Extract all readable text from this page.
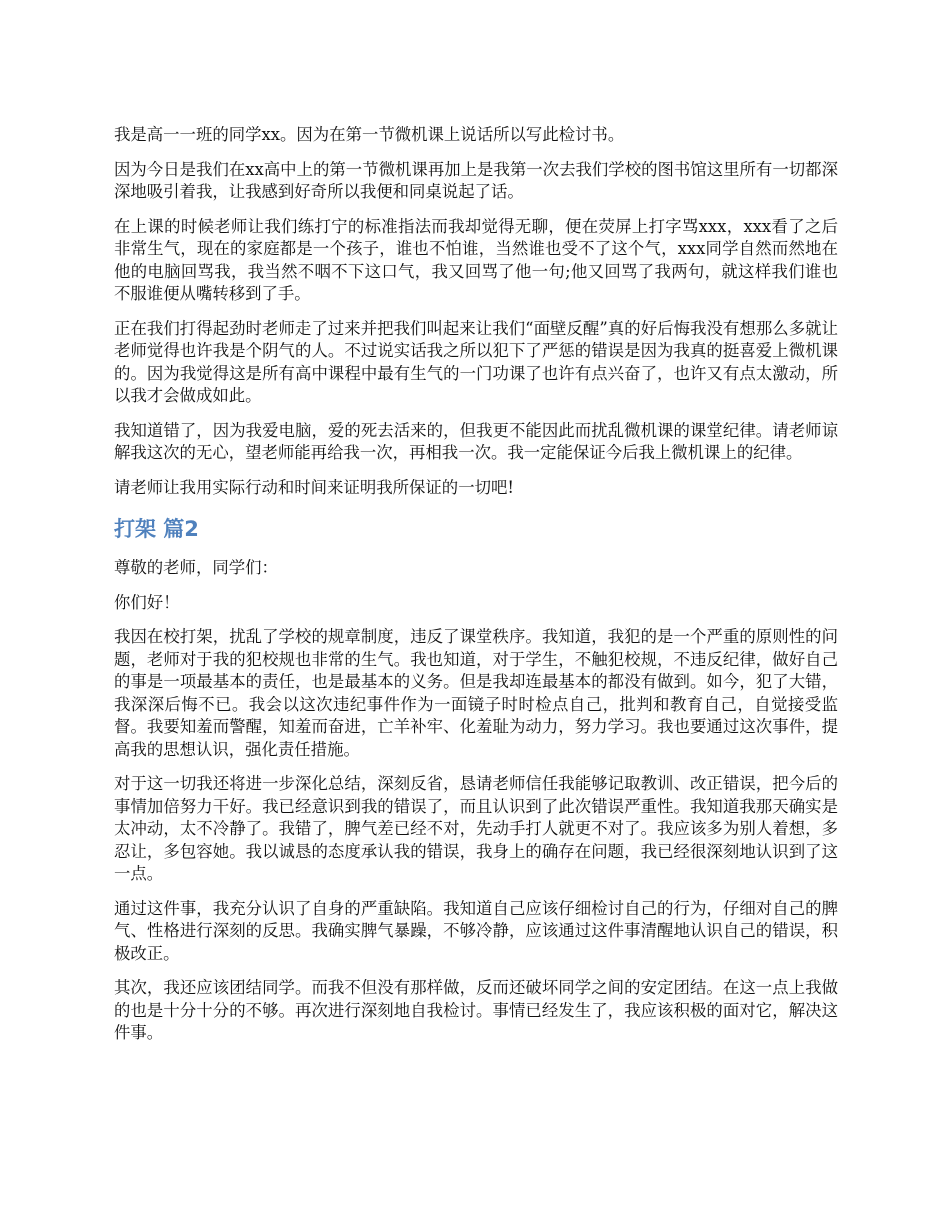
我是高一一班的同学xx。因为在第一节微机课上说话所以写此检讨书。

因为今日是我们在xx高中上的第一节微机课再加上是我第一次去我们学校的图书馆这里所有一切都深深地吸引着我，让我感到好奇所以我便和同桌说起了话。

在上课的时候老师让我们练打宁的标准指法而我却觉得无聊，便在荧屏上打字骂xxx，xxx看了之后非常生气，现在的家庭都是一个孩子，谁也不怕谁，当然谁也受不了这个气，xxx同学自然而然地在他的电脑回骂我，我当然不咽不下这口气，我又回骂了他一句;他又回骂了我两句，就这样我们谁也不服谁便从嘴转移到了手。

正在我们打得起劲时老师走了过来并把我们叫起来让我们“面壁反醒”真的好后悔我没有想那么多就让老师觉得也许我是个阴气的人。不过说实话我之所以犯下了严惩的错误是因为我真的挺喜爱上微机课的。因为我觉得这是所有高中课程中最有生气的一门功课了也许有点兴奋了，也许又有点太激动，所以我才会做成如此。

我知道错了，因为我爱电脑，爱的死去活来的，但我更不能因此而扰乱微机课的课堂纪律。请老师谅解我这次的无心，望老师能再给我一次，再相我一次。我一定能保证今后我上微机课上的纪律。

请老师让我用实际行动和时间来证明我所保证的一切吧!

打架 篇2

尊敬的老师，同学们：

你们好！

我因在校打架，扰乱了学校的规章制度，违反了课堂秩序。我知道，我犯的是一个严重的原则性的问题，老师对于我的犯校规也非常的生气。我也知道，对于学生，不触犯校规，不违反纪律，做好自己的事是一项最基本的责任，也是最基本的义务。但是我却连最基本的都没有做到。如今，犯了大错，我深深后悔不已。我会以这次违纪事件作为一面镜子时时检点自己，批判和教育自己，自觉接受监督。我要知羞而警醒，知羞而奋进，亡羊补牢、化羞耻为动力，努力学习。我也要通过这次事件，提高我的思想认识，强化责任措施。

对于这一切我还将进一步深化总结，深刻反省，恳请老师信任我能够记取教训、改正错误，把今后的事情加倍努力干好。我已经意识到我的错误了，而且认识到了此次错误严重性。我知道我那天确实是太冲动，太不冷静了。我错了，脾气差已经不对，先动手打人就更不对了。我应该多为别人着想，多忍让，多包容她。我以诚恳的态度承认我的错误，我身上的确存在问题，我已经很深刻地认识到了这一点。

通过这件事，我充分认识了自身的严重缺陷。我知道自己应该仔细检讨自己的行为，仔细对自己的脾气、性格进行深刻的反思。我确实脾气暴躁，不够冷静，应该通过这件事清醒地认识自己的错误，积极改正。

其次，我还应该团结同学。而我不但没有那样做，反而还破坏同学之间的安定团结。在这一点上我做的也是十分十分的不够。再次进行深刻地自我检讨。事情已经发生了，我应该积极的面对它，解决这件事。
